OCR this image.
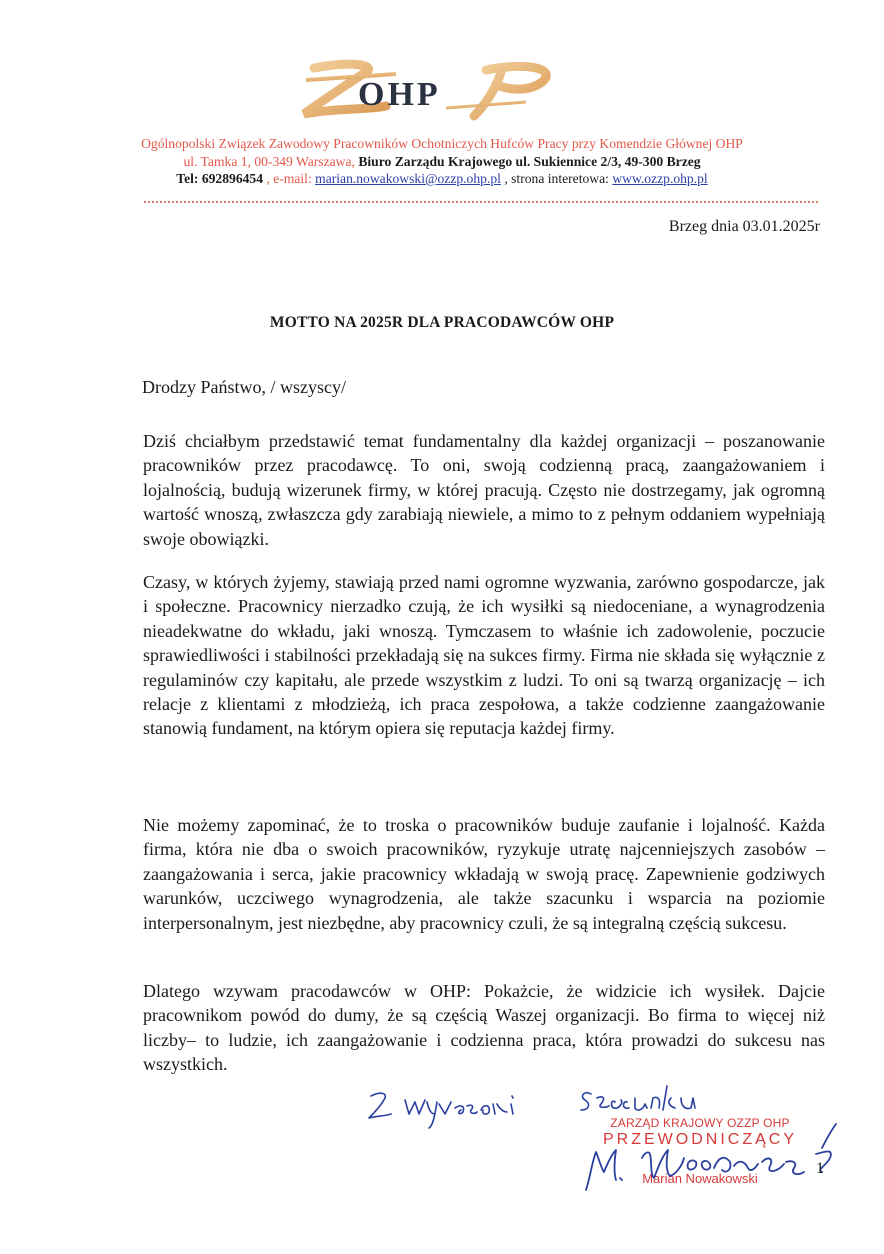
OHP
Ogólnopolski Związek Zawodowy Pracowników Ochotniczych Hufców Pracy przy Komendzie Głównej OHP
ul. Tamka 1, 00-349 Warszawa, Biuro Zarządu Krajowego ul. Sukiennice 2/3, 49-300 Brzeg
Tel: 692896454 , e-mail: marian.nowakowski@ozzp.ohp.pl , strona interetowa: www.ozzp.ohp.pl
Brzeg dnia 03.01.2025r
MOTTO NA 2025R DLA PRACODAWCÓW OHP
Drodzy Państwo, / wszyscy/
Dziś chciałbym przedstawić temat fundamentalny dla każdej organizacji – poszanowanie pracowników przez pracodawcę. To oni, swoją codzienną pracą, zaangażowaniem i lojalnością, budują wizerunek firmy, w której pracują. Często nie dostrzegamy, jak ogromną wartość wnoszą, zwłaszcza gdy zarabiają niewiele, a mimo to z pełnym oddaniem wypełniają swoje obowiązki.
Czasy, w których żyjemy, stawiają przed nami ogromne wyzwania, zarówno gospodarcze, jak i społeczne. Pracownicy nierzadko czują, że ich wysiłki są niedoceniane, a wynagrodzenia nieadekwatne do wkładu, jaki wnoszą. Tymczasem to właśnie ich zadowolenie, poczucie sprawiedliwości i stabilności przekładają się na sukces firmy. Firma nie składa się wyłącznie z regulaminów czy kapitału, ale przede wszystkim z ludzi. To oni są twarzą organizację – ich relacje z klientami z młodzieżą, ich praca zespołowa, a także codzienne zaangażowanie stanowią fundament, na którym opiera się reputacja każdej firmy.
Nie możemy zapominać, że to troska o pracowników buduje zaufanie i lojalność. Każda firma, która nie dba o swoich pracowników, ryzykuje utratę najcenniejszych zasobów – zaangażowania i serca, jakie pracownicy wkładają w swoją pracę. Zapewnienie godziwych warunków, uczciwego wynagrodzenia, ale także szacunku i wsparcia na poziomie interpersonalnym, jest niezbędne, aby pracownicy czuli, że są integralną częścią sukcesu.
Dlatego wzywam pracodawców w OHP: Pokażcie, że widzicie ich wysiłek. Dajcie pracownikom powód do dumy, że są częścią Waszej organizacji. Bo firma to więcej niż liczby– to ludzie, ich zaangażowanie i codzienna praca, która prowadzi do sukcesu nas wszystkich.
ZARZĄD KRAJOWY OZZP OHP
PRZEWODNICZĄCY
Marian Nowakowski
1
